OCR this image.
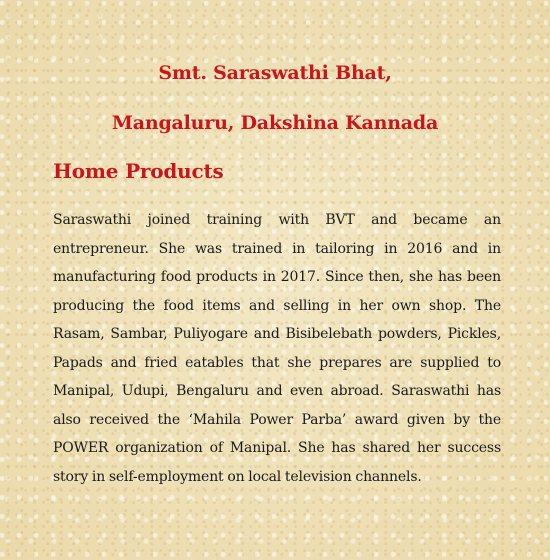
Smt. Saraswathi Bhat,
Mangaluru, Dakshina Kannada
Home Products

Saraswathi joined training with BVT and became an entrepreneur. She was trained in tailoring in 2016 and in manufacturing food products in 2017. Since then, she has been producing the food items and selling in her own shop. The Rasam, Sambar, Puliyogare and Bisibelebath powders, Pickles, Papads and fried eatables that she prepares are supplied to Manipal, Udupi, Bengaluru and even abroad. Saraswathi has also received the ‘Mahila Power Parba’ award given by the POWER organization of Manipal. She has shared her success story in self-employment on local television channels.
